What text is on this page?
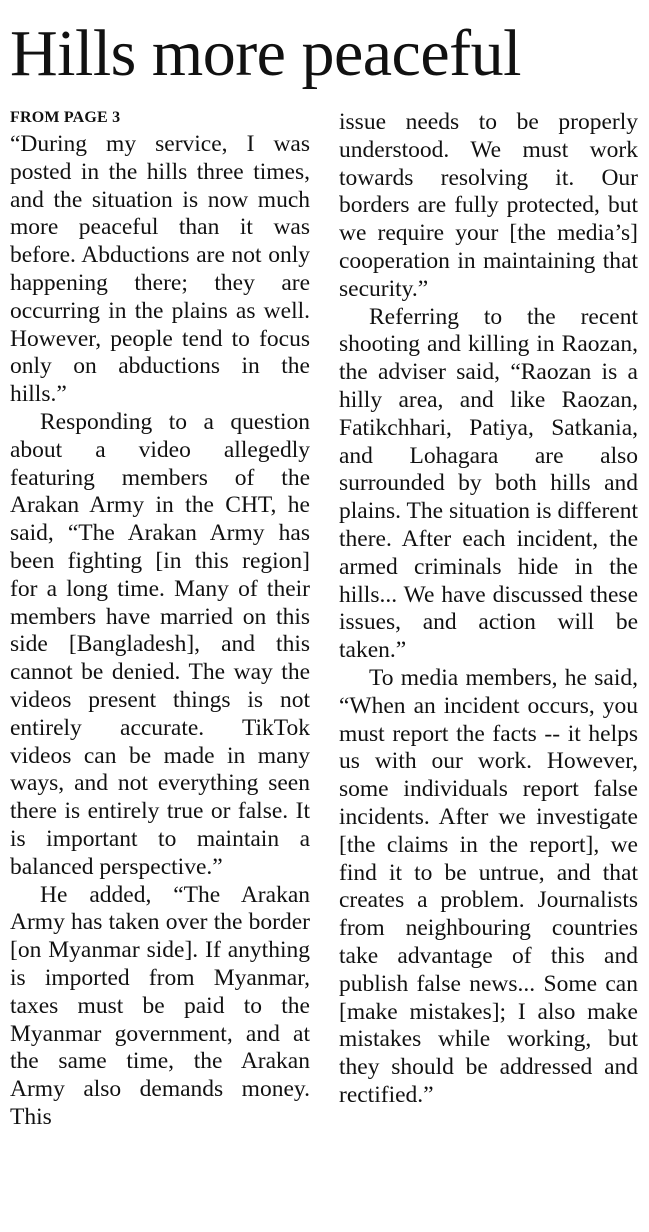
Hills more peaceful
FROM PAGE 3

“During my service, I was posted in the hills three times, and the situation is now much more peaceful than it was before. Abductions are not only happening there; they are occurring in the plains as well. However, people tend to focus only on abductions in the hills.”

Responding to a question about a video allegedly featuring members of the Arakan Army in the CHT, he said, “The Arakan Army has been fighting [in this region] for a long time. Many of their members have married on this side [Bangladesh], and this cannot be denied. The way the videos present things is not entirely accurate. TikTok videos can be made in many ways, and not everything seen there is entirely true or false. It is important to maintain a balanced perspective.”

He added, “The Arakan Army has taken over the border [on Myanmar side]. If anything is imported from Myanmar, taxes must be paid to the Myanmar government, and at the same time, the Arakan Army also demands money. This

issue needs to be properly understood. We must work towards resolving it. Our borders are fully protected, but we require your [the media’s] cooperation in maintaining that security.”

Referring to the recent shooting and killing in Raozan, the adviser said, “Raozan is a hilly area, and like Raozan, Fatikchhari, Patiya, Satkania, and Lohagara are also surrounded by both hills and plains. The situation is different there. After each incident, the armed criminals hide in the hills... We have discussed these issues, and action will be taken.”

To media members, he said, “When an incident occurs, you must report the facts -- it helps us with our work. However, some individuals report false incidents. After we investigate [the claims in the report], we find it to be untrue, and that creates a problem. Journalists from neighbouring countries take advantage of this and publish false news... Some can [make mistakes]; I also make mistakes while working, but they should be addressed and rectified.”
